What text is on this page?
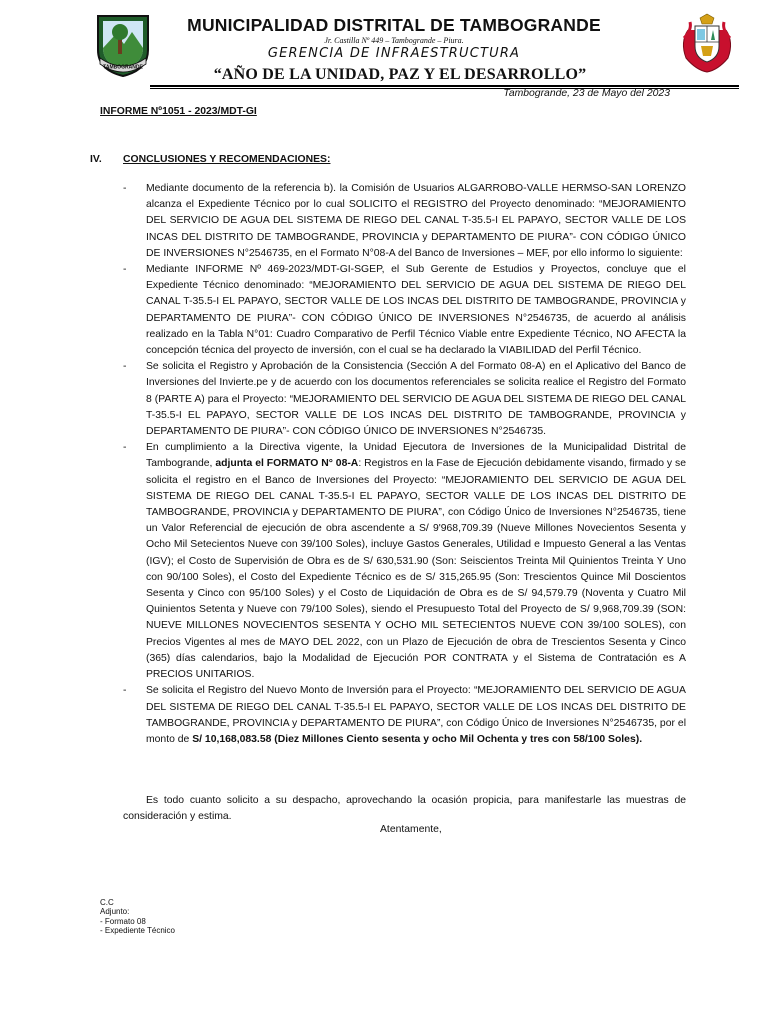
TAMBOGRANDE
MUNICIPALIDAD DISTRITAL DE TAMBOGRANDE
Jr. Castilla Nº 449 – Tambogrande – Piura.
GERENCIA DE INFRAESTRUCTURA
“AÑO DE LA UNIDAD, PAZ Y EL DESARROLLO”
Tambogrande, 23 de Mayo del 2023
INFORME Nº1051 - 2023/MDT-GI
IV. CONCLUSIONES Y RECOMENDACIONES:
- Mediante documento de la referencia b). la Comisión de Usuarios ALGARROBO-VALLE HERMSO-SAN LORENZO alcanza el Expediente Técnico por lo cual SOLICITO el REGISTRO del Proyecto denominado: “MEJORAMIENTO DEL SERVICIO DE AGUA DEL SISTEMA DE RIEGO DEL CANAL T-35.5-I EL PAPAYO, SECTOR VALLE DE LOS INCAS DEL DISTRITO DE TAMBOGRANDE, PROVINCIA y DEPARTAMENTO DE PIURA”- CON CÓDIGO ÚNICO DE INVERSIONES N°2546735, en el Formato N°08-A del Banco de Inversiones – MEF, por ello informo lo siguiente:
- Mediante INFORME Nº 469-2023/MDT-GI-SGEP, el Sub Gerente de Estudios y Proyectos, concluye que el Expediente Técnico denominado: “MEJORAMIENTO DEL SERVICIO DE AGUA DEL SISTEMA DE RIEGO DEL CANAL T-35.5-I EL PAPAYO, SECTOR VALLE DE LOS INCAS DEL DISTRITO DE TAMBOGRANDE, PROVINCIA y DEPARTAMENTO DE PIURA”- CON CÓDIGO ÚNICO DE INVERSIONES N°2546735, de acuerdo al análisis realizado en la Tabla N°01: Cuadro Comparativo de Perfil Técnico Viable entre Expediente Técnico, NO AFECTA la concepción técnica del proyecto de inversión, con el cual se ha declarado la VIABILIDAD del Perfil Técnico.
- Se solicita el Registro y Aprobación de la Consistencia (Sección A del Formato 08-A) en el Aplicativo del Banco de Inversiones del Invierte.pe y de acuerdo con los documentos referenciales se solicita realice el Registro del Formato 8 (PARTE A) para el Proyecto: “MEJORAMIENTO DEL SERVICIO DE AGUA DEL SISTEMA DE RIEGO DEL CANAL T-35.5-I EL PAPAYO, SECTOR VALLE DE LOS INCAS DEL DISTRITO DE TAMBOGRANDE, PROVINCIA y DEPARTAMENTO DE PIURA”- CON CÓDIGO ÚNICO DE INVERSIONES N°2546735.
- En cumplimiento a la Directiva vigente, la Unidad Ejecutora de Inversiones de la Municipalidad Distrital de Tambogrande, adjunta el FORMATO N° 08-A: Registros en la Fase de Ejecución debidamente visando, firmado y se solicita el registro en el Banco de Inversiones del Proyecto: “MEJORAMIENTO DEL SERVICIO DE AGUA DEL SISTEMA DE RIEGO DEL CANAL T-35.5-I EL PAPAYO, SECTOR VALLE DE LOS INCAS DEL DISTRITO DE TAMBOGRANDE, PROVINCIA y DEPARTAMENTO DE PIURA”, con Código Único de Inversiones N°2546735, tiene un Valor Referencial de ejecución de obra ascendente a S/ 9'968,709.39 (Nueve Millones Novecientos Sesenta y Ocho Mil Setecientos Nueve con 39/100 Soles), incluye Gastos Generales, Utilidad e Impuesto General a las Ventas (IGV); el Costo de Supervisión de Obra es de S/ 630,531.90 (Son: Seiscientos Treinta Mil Quinientos Treinta Y Uno con 90/100 Soles), el Costo del Expediente Técnico es de S/ 315,265.95 (Son: Trescientos Quince Mil Doscientos Sesenta y Cinco con 95/100 Soles) y el Costo de Liquidación de Obra es de S/ 94,579.79 (Noventa y Cuatro Mil Quinientos Setenta y Nueve con 79/100 Soles), siendo el Presupuesto Total del Proyecto de S/ 9,968,709.39 (SON: NUEVE MILLONES NOVECIENTOS SESENTA Y OCHO MIL SETECIENTOS NUEVE CON 39/100 SOLES), con Precios Vigentes al mes de MAYO DEL 2022, con un Plazo de Ejecución de obra de Trescientos Sesenta y Cinco (365) días calendarios, bajo la Modalidad de Ejecución POR CONTRATA y el Sistema de Contratación es A PRECIOS UNITARIOS.
- Se solicita el Registro del Nuevo Monto de Inversión para el Proyecto: “MEJORAMIENTO DEL SERVICIO DE AGUA DEL SISTEMA DE RIEGO DEL CANAL T-35.5-I EL PAPAYO, SECTOR VALLE DE LOS INCAS DEL DISTRITO DE TAMBOGRANDE, PROVINCIA y DEPARTAMENTO DE PIURA”, con Código Único de Inversiones N°2546735, por el monto de S/ 10,168,083.58 (Diez Millones Ciento sesenta y ocho Mil Ochenta y tres con 58/100 Soles).
Es todo cuanto solicito a su despacho, aprovechando la ocasión propicia, para manifestarle las muestras de consideración y estima.
Atentamente,
C.C
Adjunto:
- Formato 08
- Expediente Técnico
